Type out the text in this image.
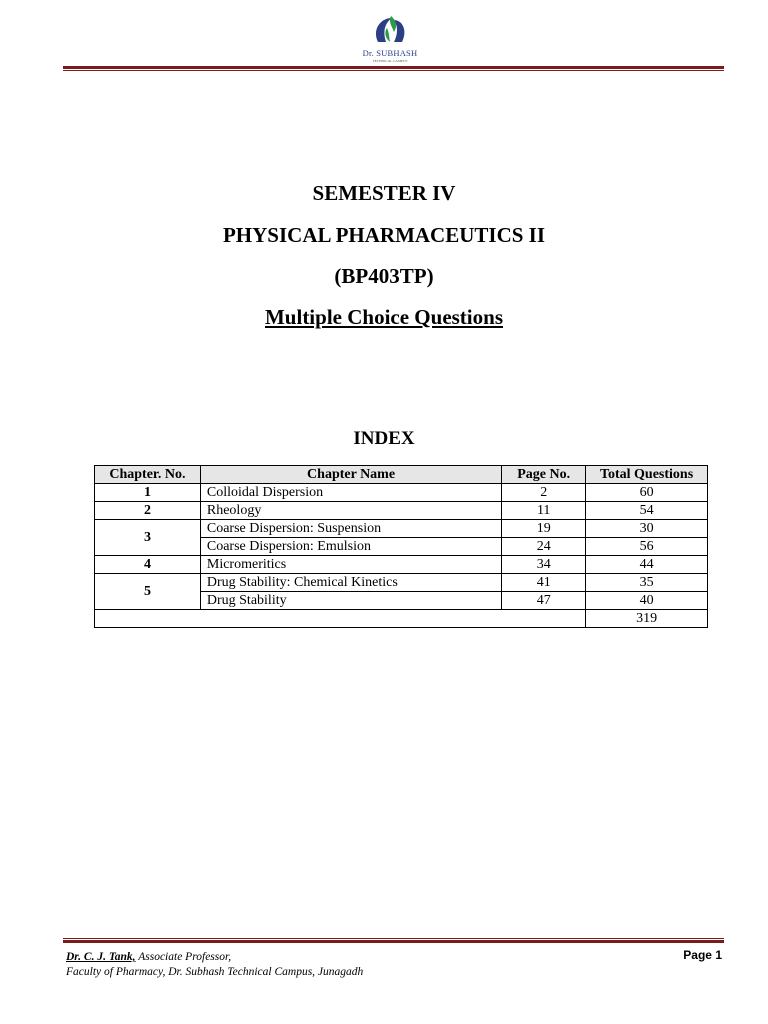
Dr. SUBHASH
TECHNICAL CAMPUS
SEMESTER IV
PHYSICAL PHARMACEUTICS II
(BP403TP)
Multiple Choice Questions
INDEX
Chapter. No.	Chapter Name	Page No.	Total Questions
1	Colloidal Dispersion	2	60
2	Rheology	11	54
3	Coarse Dispersion: Suspension	19	30
	Coarse Dispersion: Emulsion	24	56
4	Micromeritics	34	44
5	Drug Stability: Chemical Kinetics	41	35
	Drug Stability	47	40
			319
Dr. C. J. Tank, Associate Professor,
Faculty of Pharmacy, Dr. Subhash Technical Campus, Junagadh
Page 1
